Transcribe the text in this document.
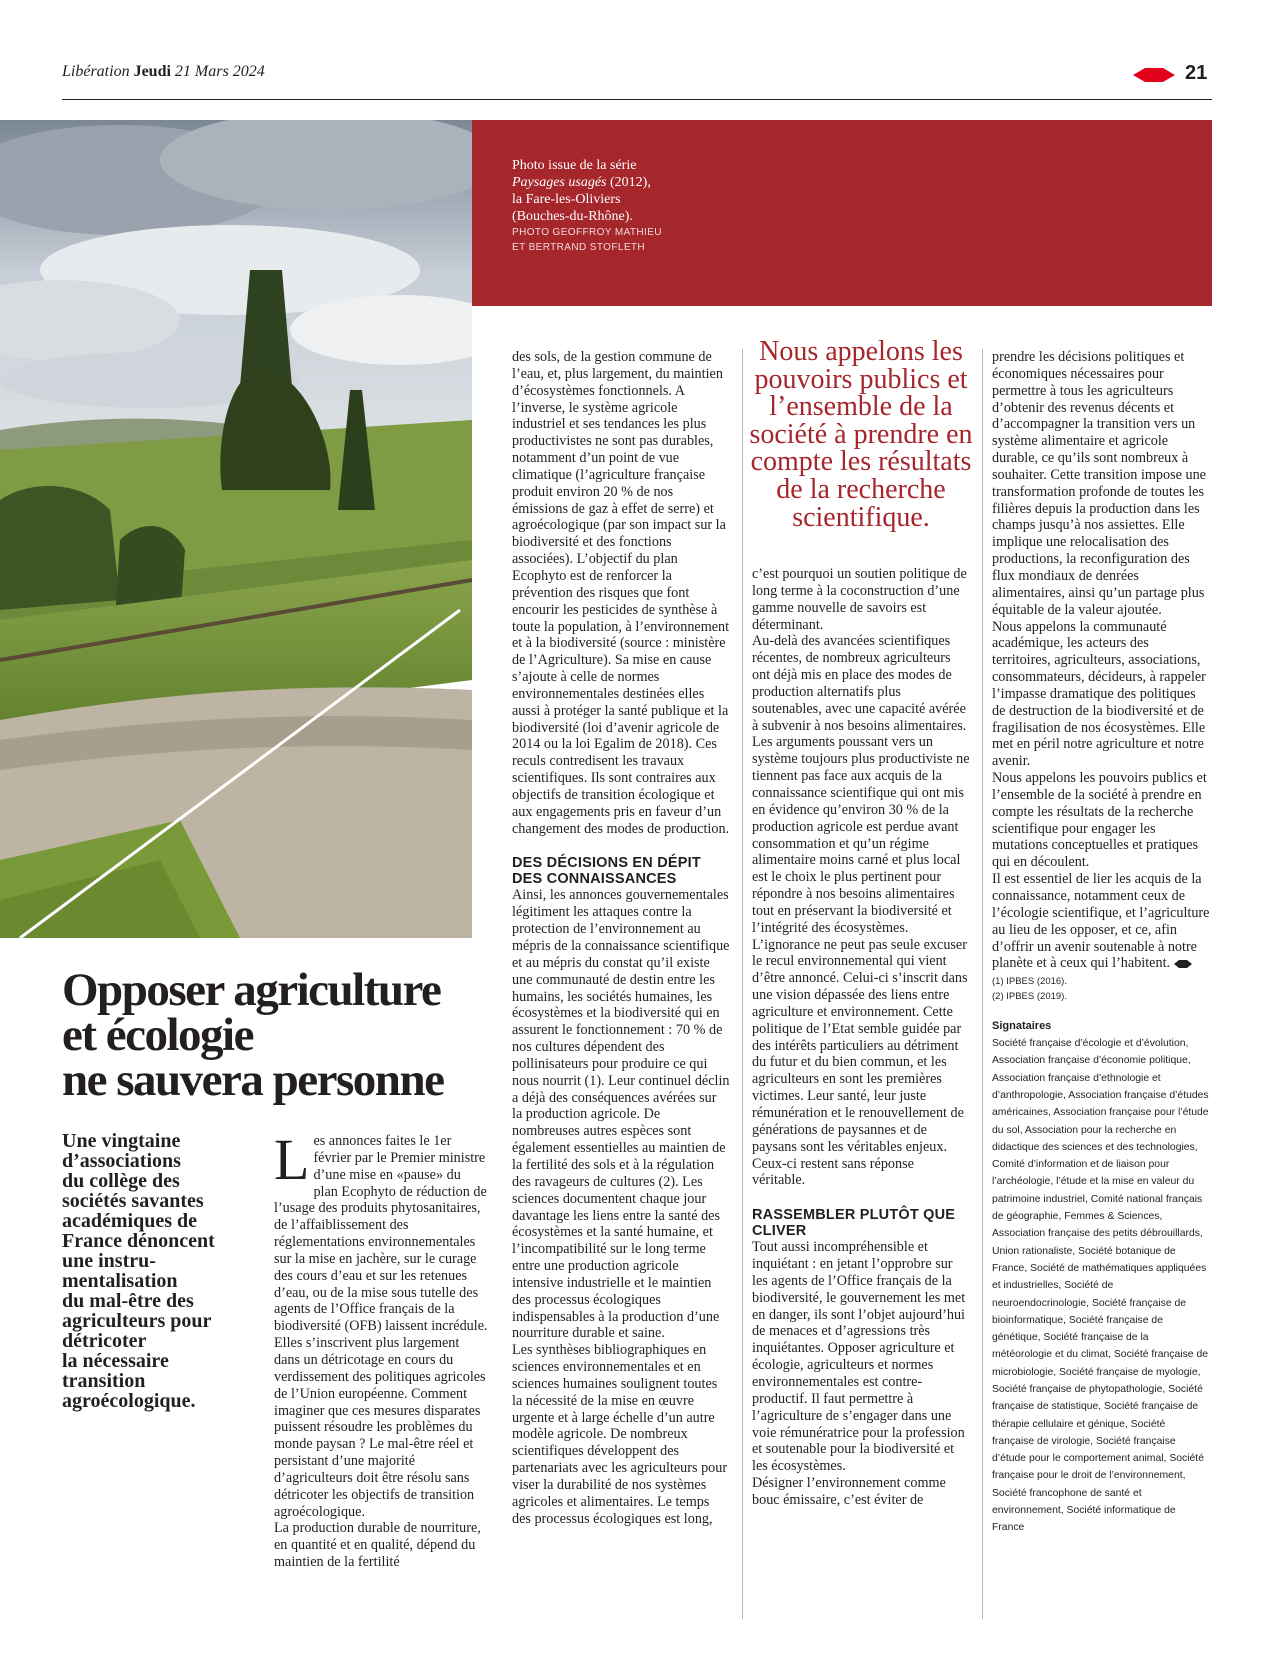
Libération Jeudi 21 Mars 2024	21
Photo issue de la série
Paysages usagés (2012),
la Fare-les-Oliviers
(Bouches-du-Rhône).
PHOTO GEOFFROY MATHIEU
ET BERTRAND STOFLETH
Opposer agriculture
et écologie
ne sauvera personne
Une vingtaine
d’associations
du collège des
sociétés savantes
académiques de
France dénoncent
une instru-
mentalisation
du mal-être des
agriculteurs pour
détricoter
la nécessaire
transition
agroécologique.
L es annonces faites le 1er février par le Premier ministre d’une mise en «pause» du plan Ecophyto de réduction de l’usage des produits phytosanitaires, de l’affaiblissement des réglementations environnementales sur la mise en jachère, sur le curage des cours d’eau et sur les retenues d’eau, ou de la mise sous tutelle des agents de l’Office français de la biodiversité (OFB) laissent incrédule. Elles s’inscrivent plus largement dans un détricotage en cours du verdissement des politiques agricoles de l’Union européenne. Comment imaginer que ces mesures disparates puissent résoudre les problèmes du monde paysan ? Le mal-être réel et persistant d’une majorité d’agriculteurs doit être résolu sans détricoter les objectifs de transition agroécologique.

La production durable de nourriture, en quantité et en qualité, dépend du maintien de la fertilité

des sols, de la gestion commune de l’eau, et, plus largement, du maintien d’écosystèmes fonctionnels. A l’inverse, le système agricole industriel et ses tendances les plus productivistes ne sont pas durables, notamment d’un point de vue climatique (l’agriculture française produit environ 20 % de nos émissions de gaz à effet de serre) et agroécologique (par son impact sur la biodiversité et des fonctions associées). L’objectif du plan Ecophyto est de renforcer la prévention des risques que font encourir les pesticides de synthèse à toute la population, à l’environnement et à la biodiversité (source : ministère de l’Agriculture). Sa mise en cause s’ajoute à celle de normes environnementales destinées elles aussi à protéger la santé publique et la biodiversité (loi d’avenir agricole de 2014 ou la loi Egalim de 2018). Ces reculs contredisent les travaux scientifiques. Ils sont contraires aux objectifs de transition écologique et aux engagements pris en faveur d’un changement des modes de production.

DES DÉCISIONS EN DÉPIT DES CONNAISSANCES

Ainsi, les annonces gouvernementales légitiment les attaques contre la protection de l’environnement au mépris de la connaissance scientifique et au mépris du constat qu’il existe une communauté de destin entre les humains, les sociétés humaines, les écosystèmes et la biodiversité qui en assurent le fonctionnement : 70 % de nos cultures dépendent des pollinisateurs pour produire ce qui nous nourrit (1). Leur continuel déclin a déjà des conséquences avérées sur la production agricole. De nombreuses autres espèces sont également essentielles au maintien de la fertilité des sols et à la régulation des ravageurs de cultures (2). Les sciences documentent chaque jour davantage les liens entre la santé des écosystèmes et la santé humaine, et l’incompatibilité sur le long terme entre une production agricole intensive industrielle et le maintien des processus écologiques indispensables à la production d’une nourriture durable et saine.

Les synthèses bibliographiques en sciences environnementales et en sciences humaines soulignent toutes la nécessité de la mise en œuvre urgente et à large échelle d’un autre modèle agricole. De nombreux scientifiques développent des partenariats avec les agriculteurs pour viser la durabilité de nos systèmes agricoles et alimentaires. Le temps des processus écologiques est long,

Nous appelons les pouvoirs publics et l’ensemble de la société à prendre en compte les résultats de la recherche scientifique.

c’est pourquoi un soutien politique de long terme à la coconstruction d’une gamme nouvelle de savoirs est déterminant.

Au-delà des avancées scientifiques récentes, de nombreux agriculteurs ont déjà mis en place des modes de production alternatifs plus soutenables, avec une capacité avérée à subvenir à nos besoins alimentaires. Les arguments poussant vers un système toujours plus productiviste ne tiennent pas face aux acquis de la connaissance scientifique qui ont mis en évidence qu’environ 30 % de la production agricole est perdue avant consommation et qu’un régime alimentaire moins carné et plus local est le choix le plus pertinent pour répondre à nos besoins alimentaires tout en préservant la biodiversité et l’intégrité des écosystèmes.

L’ignorance ne peut pas seule excuser le recul environnemental qui vient d’être annoncé. Celui-ci s’inscrit dans une vision dépassée des liens entre agriculture et environnement. Cette politique de l’Etat semble guidée par des intérêts particuliers au détriment du futur et du bien commun, et les agriculteurs en sont les premières victimes. Leur santé, leur juste rémunération et le renouvellement de générations de paysannes et de paysans sont les véritables enjeux. Ceux-ci restent sans réponse véritable.

RASSEMBLER PLUTÔT QUE CLIVER

Tout aussi incompréhensible et inquiétant : en jetant l’opprobre sur les agents de l’Office français de la biodiversité, le gouvernement les met en danger, ils sont l’objet aujourd’hui de menaces et d’agressions très inquiétantes. Opposer agriculture et écologie, agriculteurs et normes environnementales est contre-productif. Il faut permettre à l’agriculture de s’engager dans une voie rémunératrice pour la profession et soutenable pour la biodiversité et les écosystèmes.

Désigner l’environnement comme bouc émissaire, c’est éviter de

prendre les décisions politiques et économiques nécessaires pour permettre à tous les agriculteurs d’obtenir des revenus décents et d’accompagner la transition vers un système alimentaire et agricole durable, ce qu’ils sont nombreux à souhaiter. Cette transition impose une transformation profonde de toutes les filières depuis la production dans les champs jusqu’à nos assiettes. Elle implique une relocalisation des productions, la reconfiguration des flux mondiaux de denrées alimentaires, ainsi qu’un partage plus équitable de la valeur ajoutée.

Nous appelons la communauté académique, les acteurs des territoires, agriculteurs, associations, consommateurs, décideurs, à rappeler l’impasse dramatique des politiques de destruction de la biodiversité et de fragilisation de nos écosystèmes. Elle met en péril notre agriculture et notre avenir.

Nous appelons les pouvoirs publics et l’ensemble de la société à prendre en compte les résultats de la recherche scientifique pour engager les mutations conceptuelles et pratiques qui en découlent.

Il est essentiel de lier les acquis de la connaissance, notamment ceux de l’écologie scientifique, et l’agriculture au lieu de les opposer, et ce, afin d’offrir un avenir soutenable à notre planète et à ceux qui l’habitent.

(1) IPBES (2016).
(2) IPBES (2019).
Signataires
Société française d’écologie et d’évolution, Association française d’économie politique, Association française d’ethnologie et d’anthropologie, Association française d’études américaines, Association française pour l’étude du sol, Association pour la recherche en didactique des sciences et des technologies, Comité d’information et de liaison pour l’archéologie, l’étude et la mise en valeur du patrimoine industriel, Comité national français de géographie, Femmes & Sciences, Association française des petits débrouillards, Union rationaliste, Société botanique de France, Société de mathématiques appliquées et industrielles, Société de neuroendocrinologie, Société française de bioinformatique, Société française de génétique, Société française de la météorologie et du climat, Société française de microbiologie, Société française de myologie, Société française de phytopathologie, Société française de statistique, Société française de thérapie cellulaire et génique, Société française de virologie, Société française d’étude pour le comportement animal, Société française pour le droit de l’environnement, Société francophone de santé et environnement, Société informatique de France
